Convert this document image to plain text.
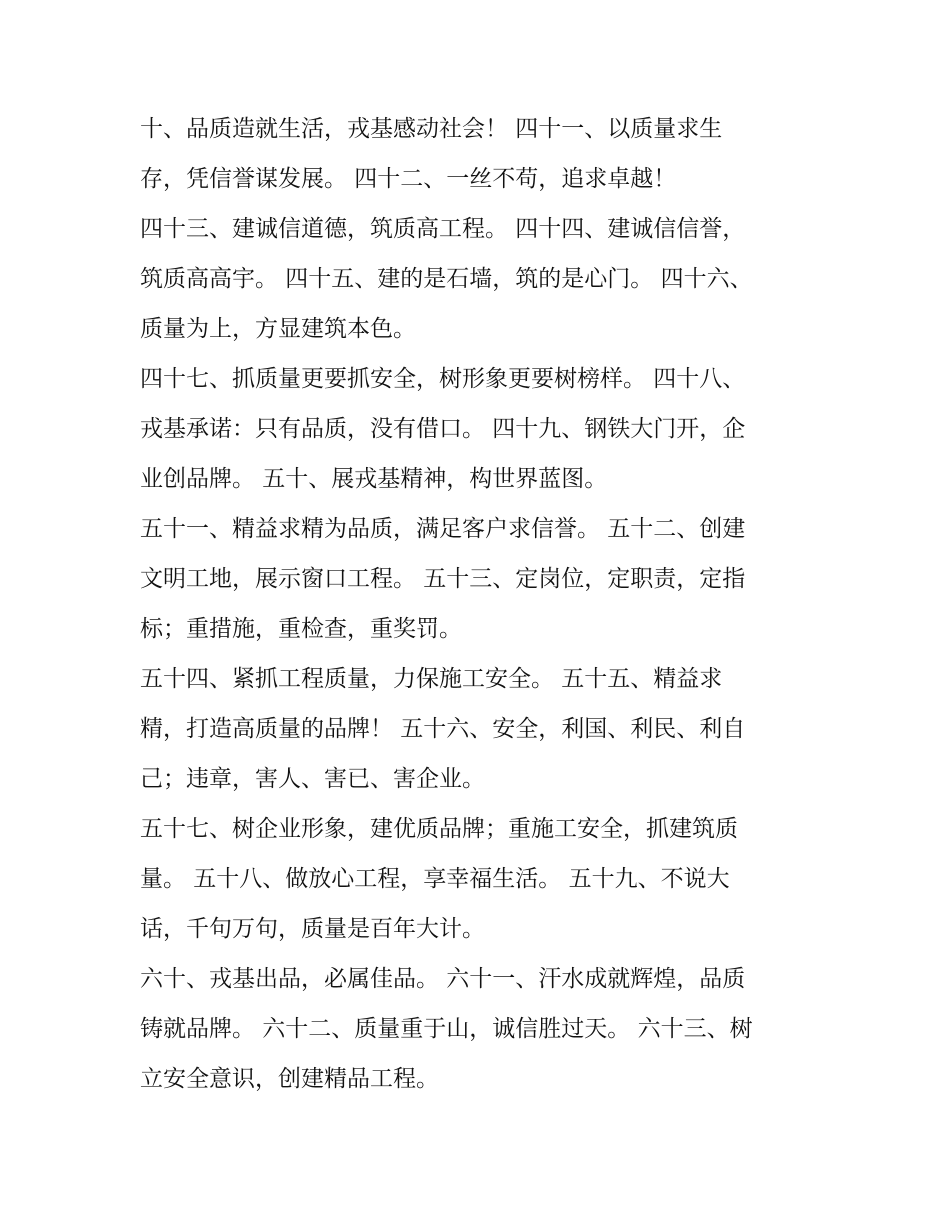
十、品质造就生活，戎基感动社会！ 四十一、以质量求生
存，凭信誉谋发展。 四十二、一丝不苟，追求卓越！

四十三、建诚信道德，筑质高工程。 四十四、建诚信信誉，
筑质高高宇。 四十五、建的是石墙，筑的是心门。 四十六、
质量为上，方显建筑本色。

四十七、抓质量更要抓安全，树形象更要树榜样。 四十八、
戎基承诺：只有品质，没有借口。 四十九、钢铁大门开，企
业创品牌。 五十、展戎基精神，构世界蓝图。

五十一、精益求精为品质，满足客户求信誉。 五十二、创建
文明工地，展示窗口工程。 五十三、定岗位，定职责，定指
标；重措施，重检查，重奖罚。

五十四、紧抓工程质量，力保施工安全。 五十五、精益求
精，打造高质量的品牌！ 五十六、安全，利国、利民、利自
己；违章，害人、害已、害企业。

五十七、树企业形象，建优质品牌；重施工安全，抓建筑质
量。 五十八、做放心工程，享幸福生活。 五十九、不说大
话，千句万句，质量是百年大计。

六十、戎基出品，必属佳品。 六十一、汗水成就辉煌，品质
铸就品牌。 六十二、质量重于山，诚信胜过天。 六十三、树
立安全意识，创建精品工程。
